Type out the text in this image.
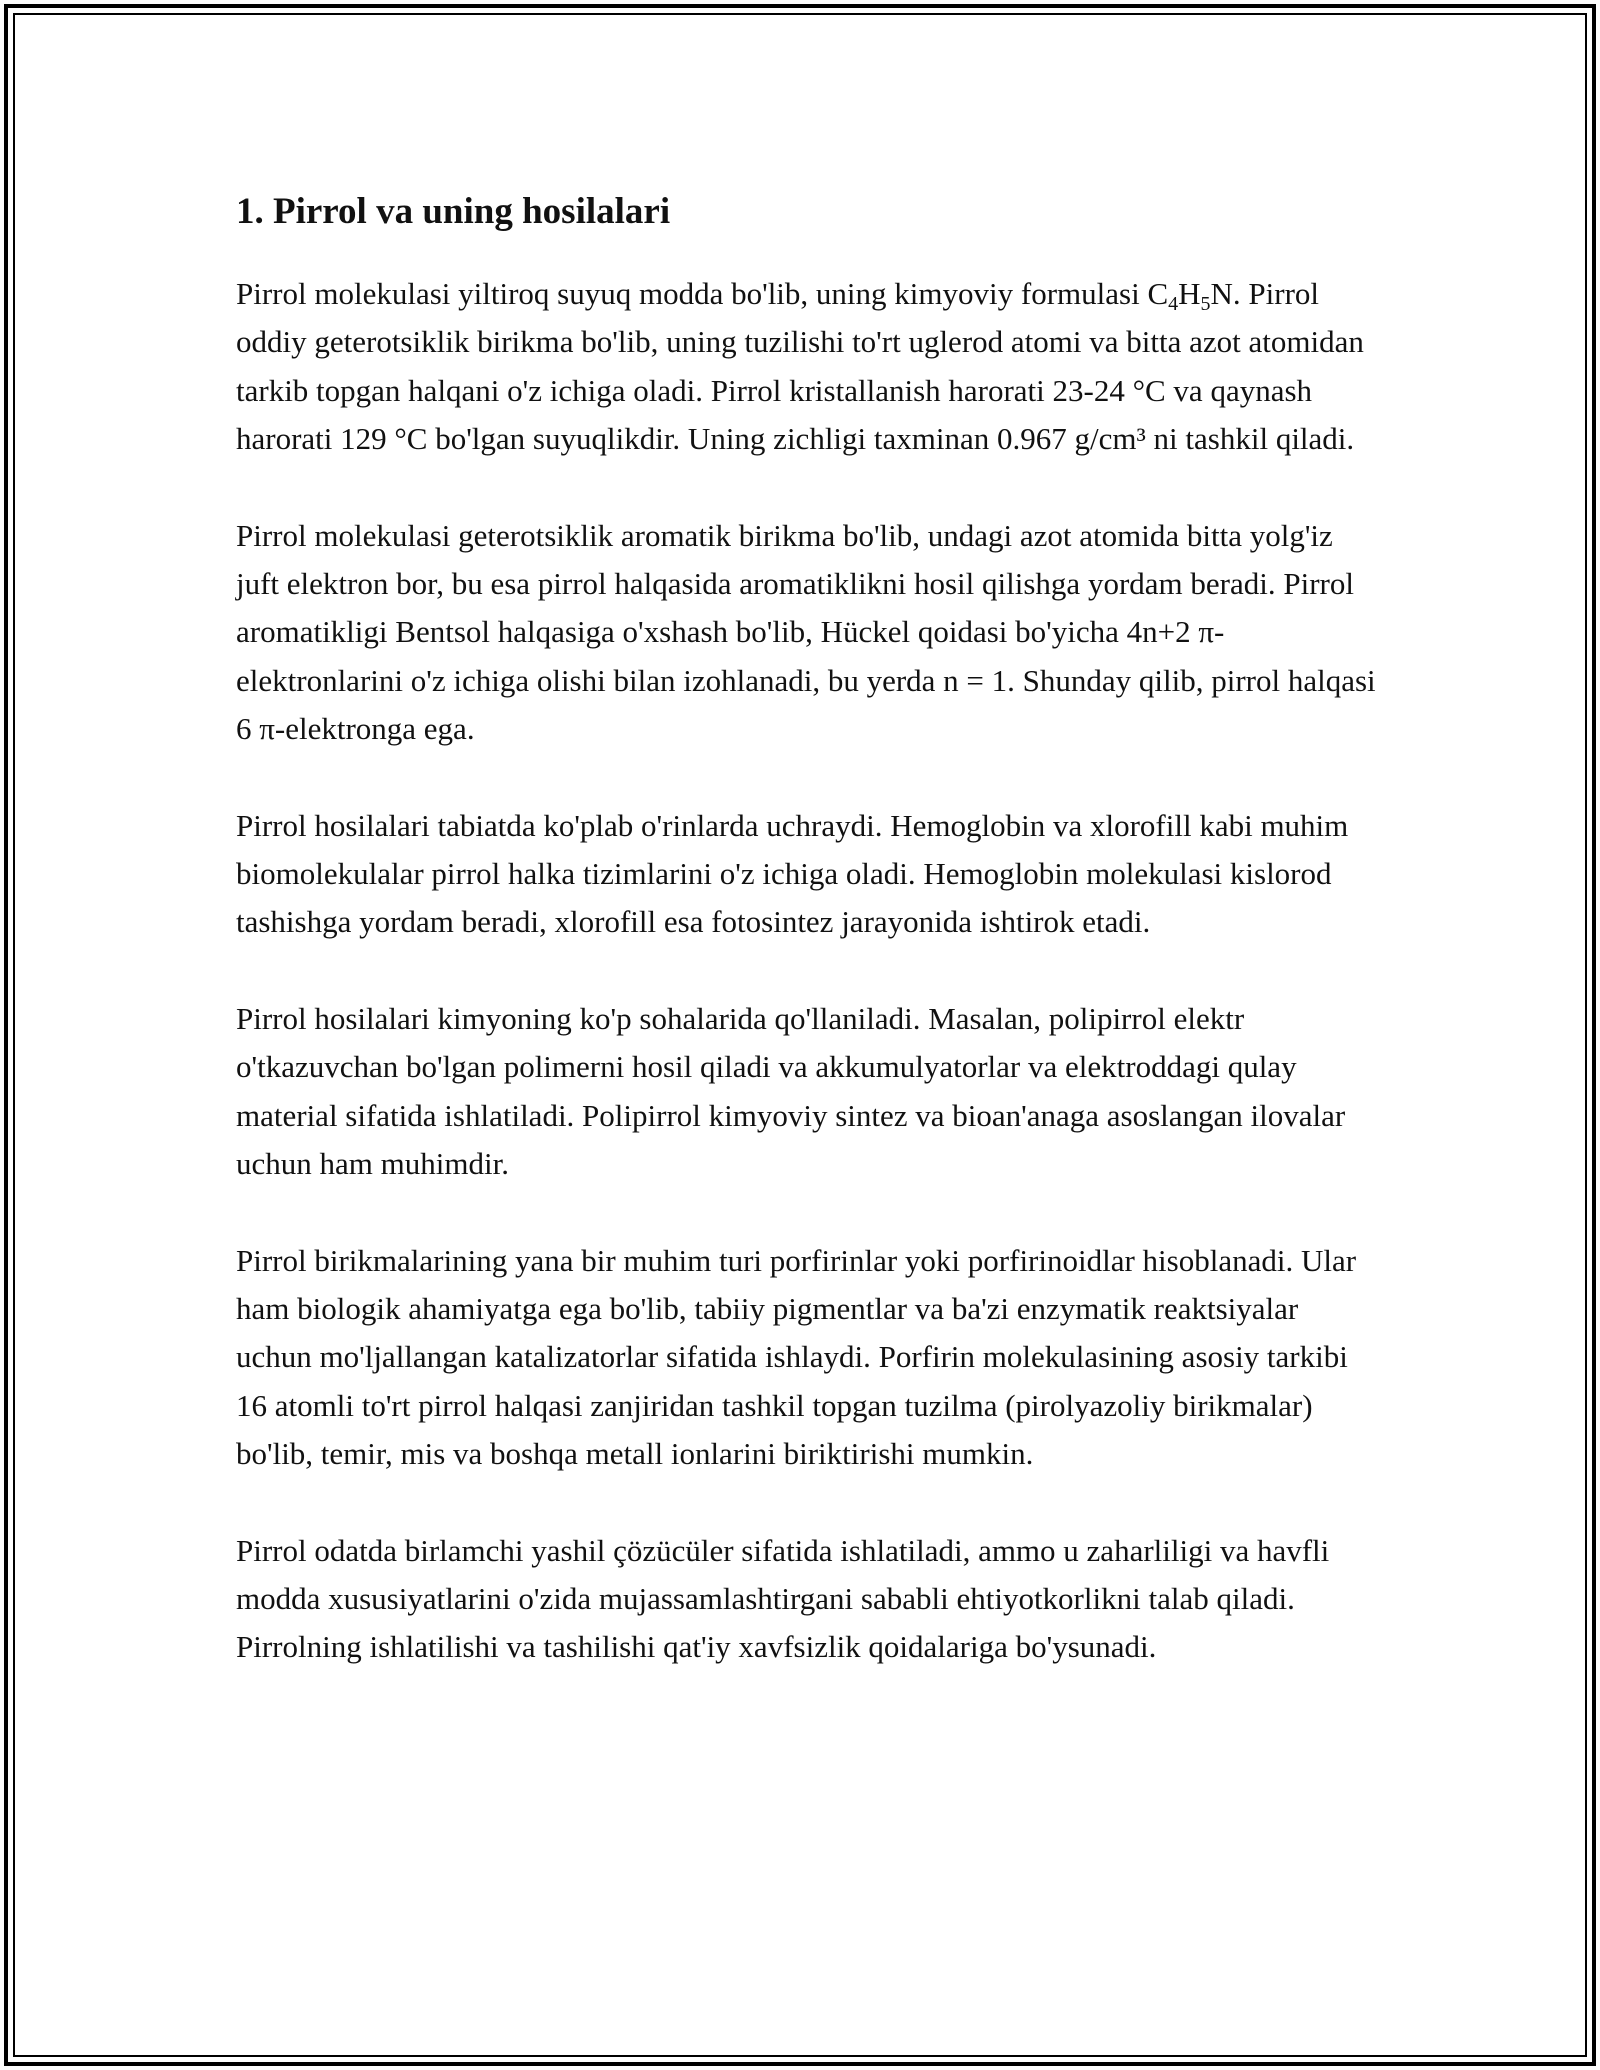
1. Pirrol va uning hosilalari

Pirrol molekulasi yiltiroq suyuq modda bo'lib, uning kimyoviy formulasi $C_4H_5N$. Pirrol oddiy geterotsiklik birikma bo'lib, uning tuzilishi to'rt uglerod atomi va bitta azot atomidan tarkib topgan halqani o'z ichiga oladi. Pirrol kristallanish harorati 23-24 °C va qaynash harorati 129 °C bo'lgan suyuqlikdir. Uning zichligi taxminan 0.967 g/cm³ ni tashkil qiladi.

Pirrol molekulasi geterotsiklik aromatik birikma bo'lib, undagi azot atomida bitta yolg'iz juft elektron bor, bu esa pirrol halqasida aromatiklikni hosil qilishga yordam beradi. Pirrol aromatikligi Bentsol halqasiga o'xshash bo'lib, Hückel qoidasi bo'yicha 4n+2 π-elektronlarini o'z ichiga olishi bilan izohlanadi, bu yerda n = 1. Shunday qilib, pirrol halqasi 6 π-elektronga ega.

Pirrol hosilalari tabiatda ko'plab o'rinlarda uchraydi. Hemoglobin va xlorofill kabi muhim biomolekulalar pirrol halka tizimlarini o'z ichiga oladi. Hemoglobin molekulasi kislorod tashishga yordam beradi, xlorofill esa fotosintez jarayonida ishtirok etadi.

Pirrol hosilalari kimyoning ko'p sohalarida qo'llaniladi. Masalan, polipirrol elektr o'tkazuvchan bo'lgan polimerni hosil qiladi va akkumulyatorlar va elektroddagi qulay material sifatida ishlatiladi. Polipirrol kimyoviy sintez va bioan'anaga asoslangan ilovalar uchun ham muhimdir.

Pirrol birikmalarining yana bir muhim turi porfirinlar yoki porfirinoidlar hisoblanadi. Ular ham biologik ahamiyatga ega bo'lib, tabiiy pigmentlar va ba'zi enzymatik reaktsiyalar uchun mo'ljallangan katalizatorlar sifatida ishlaydi. Porfirin molekulasining asosiy tarkibi 16 atomli to'rt pirrol halqasi zanjiridan tashkil topgan tuzilma (pirolyazoliy birikmalar) bo'lib, temir, mis va boshqa metall ionlarini biriktirishi mumkin.

Pirrol odatda birlamchi yashil çözücüler sifatida ishlatiladi, ammo u zaharliligi va havfli modda xususiyatlarini o'zida mujassamlashtirgani sababli ehtiyotkorlikni talab qiladi. Pirrolning ishlatilishi va tashilishi qat'iy xavfsizlik qoidalariga bo'ysunadi.
